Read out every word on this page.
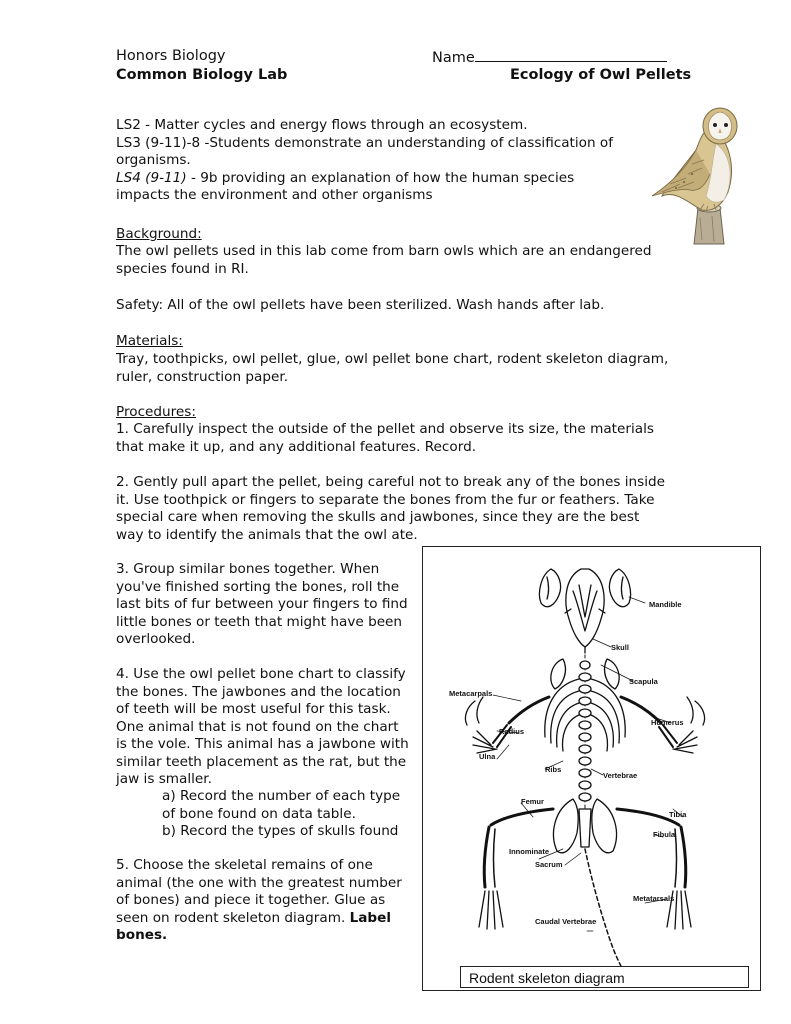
Honors Biology	Name
Common Biology Lab	Ecology of Owl Pellets
LS2 - Matter cycles and energy flows through an ecosystem.
LS3 (9-11)-8 -Students demonstrate an understanding of classification of
organisms.
LS4 (9-11) - 9b providing an explanation of how the human species
impacts the environment and other organisms
Background:
The owl pellets used in this lab come from barn owls which are an endangered
species found in RI.
Safety: All of the owl pellets have been sterilized. Wash hands after lab.
Materials:
Tray, toothpicks, owl pellet, glue, owl pellet bone chart, rodent skeleton diagram,
ruler, construction paper.
Procedures:
1. Carefully inspect the outside of the pellet and observe its size, the materials
that make it up, and any additional features. Record.
2. Gently pull apart the pellet, being careful not to break any of the bones inside
it. Use toothpick or fingers to separate the bones from the fur or feathers. Take
special care when removing the skulls and jawbones, since they are the best
way to identify the animals that the owl ate.
3. Group similar bones together. When
you've finished sorting the bones, roll the
last bits of fur between your fingers to find
little bones or teeth that might have been
overlooked.
4. Use the owl pellet bone chart to classify
the bones. The jawbones and the location
of teeth will be most useful for this task.
One animal that is not found on the chart
is the vole. This animal has a jawbone with
similar teeth placement as the rat, but the
jaw is smaller.
a) Record the number of each type
of bone found on data table.
b) Record the types of skulls found
5. Choose the skeletal remains of one
animal (the one with the greatest number
of bones) and piece it together. Glue as
seen on rodent skeleton diagram. Label
bones.
Mandible
Skull
Scapula
Metacarpals
Humerus
Radius
Ulna
Ribs
Vertebrae
Femur
Tibia
Fibula
Innominate
Sacrum
Metatarsals
Caudal Vertebrae
Rodent skeleton diagram
